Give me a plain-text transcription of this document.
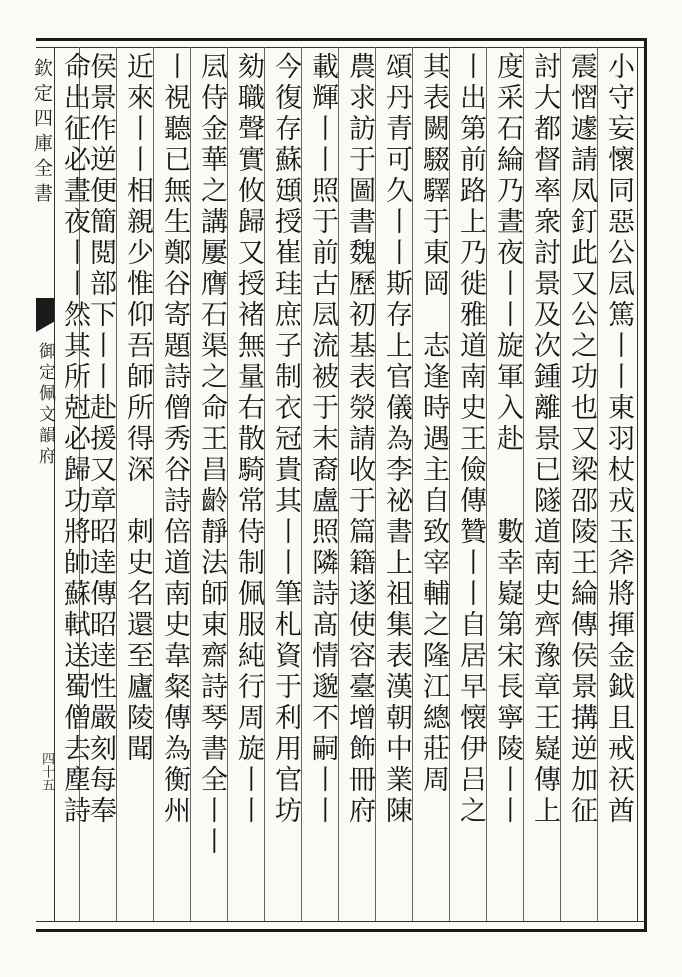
欽定四庫全書
御定佩文韻府
四十五	小守妄懷同惡公凨篤丨丨東羽杖戎玉斧將揮金鉞且戒祆酋
震慴遽請凤釘此又公之功也又梁邵陵王綸傳侯景搆逆加征
討大都督率衆討景及次鍾離景已隧道南史齊豫章王嶷傳上
度采石綸乃晝夜丨丨旋軍入赴　　數幸嶷第宋長寧陵丨丨
丨出第前路上乃徙雅道南史王儉傳贊丨丨自居早懐伊吕之
其表闕䮕驛于東岡　志逢時遇主自致宰輔之隆江總莊周
頌丹青可久丨丨斯存上官儀為李祕書上祖集表漢朝中業陳
農求訪于圖書魏歷初基表滎請收于篇籍遂使容臺增飾冊府
載輝丨丨照于前古凨流被于末裔盧照隣詩髙情邈不嗣丨丨
今復存蘇頲授崔珪庶子制衣冠貴其丨丨筆札資于利用官坊
劾職聲實攸歸又授褚無量右散騎常侍制佩服純行周旋丨丨
凨侍金華之講屢膺石渠之命王昌齡靜法師東齋詩琴書全丨丨
丨視聽已無生鄭谷寄題詩僧秀谷詩倍道南史韋粲傳為衡州
近來丨丨相親少惟仰吾師所得深　刺史名還至廬陵聞
侯景作逆便簡閲部下丨丨赴援又章昭逹傳昭逹性嚴刻每奉
命出征必晝夜丨丨然其所尅必歸功將帥蘇軾送蜀僧去塵詩
